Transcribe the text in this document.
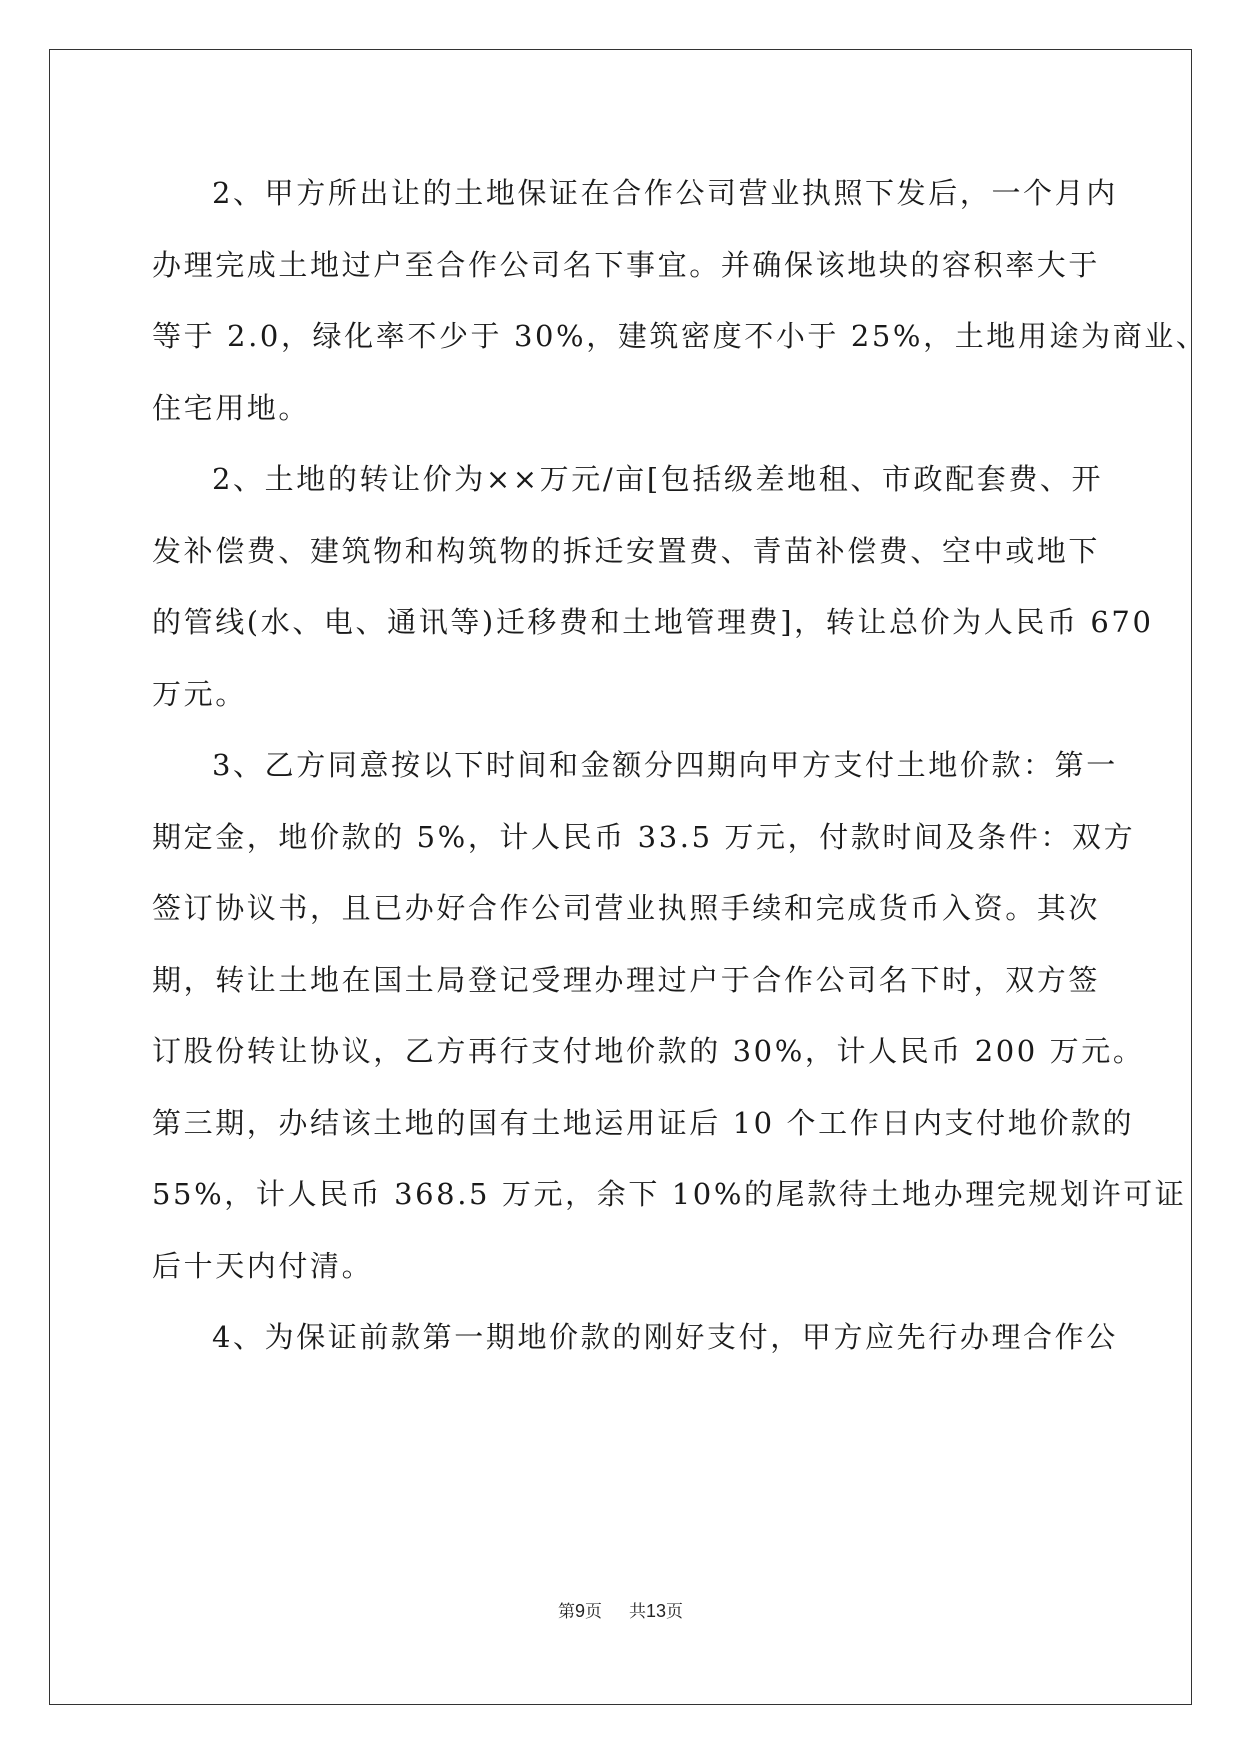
2、甲方所出让的土地保证在合作公司营业执照下发后，一个月内
办理完成土地过户至合作公司名下事宜。并确保该地块的容积率大于
等于 2.0，绿化率不少于 30%，建筑密度不小于 25%，土地用途为商业、
住宅用地。

2、土地的转让价为××万元/亩[包括级差地租、市政配套费、开
发补偿费、建筑物和构筑物的拆迁安置费、青苗补偿费、空中或地下
的管线(水、电、通讯等)迁移费和土地管理费]，转让总价为人民币 670
万元。

3、乙方同意按以下时间和金额分四期向甲方支付土地价款：第一
期定金，地价款的 5%，计人民币 33.5 万元，付款时间及条件：双方
签订协议书，且已办好合作公司营业执照手续和完成货币入资。其次
期，转让土地在国土局登记受理办理过户于合作公司名下时，双方签
订股份转让协议，乙方再行支付地价款的 30%，计人民币 200 万元。
第三期，办结该土地的国有土地运用证后 10 个工作日内支付地价款的
55%，计人民币 368.5 万元，余下 10%的尾款待土地办理完规划许可证
后十天内付清。

4、为保证前款第一期地价款的刚好支付，甲方应先行办理合作公

第9页 共13页
